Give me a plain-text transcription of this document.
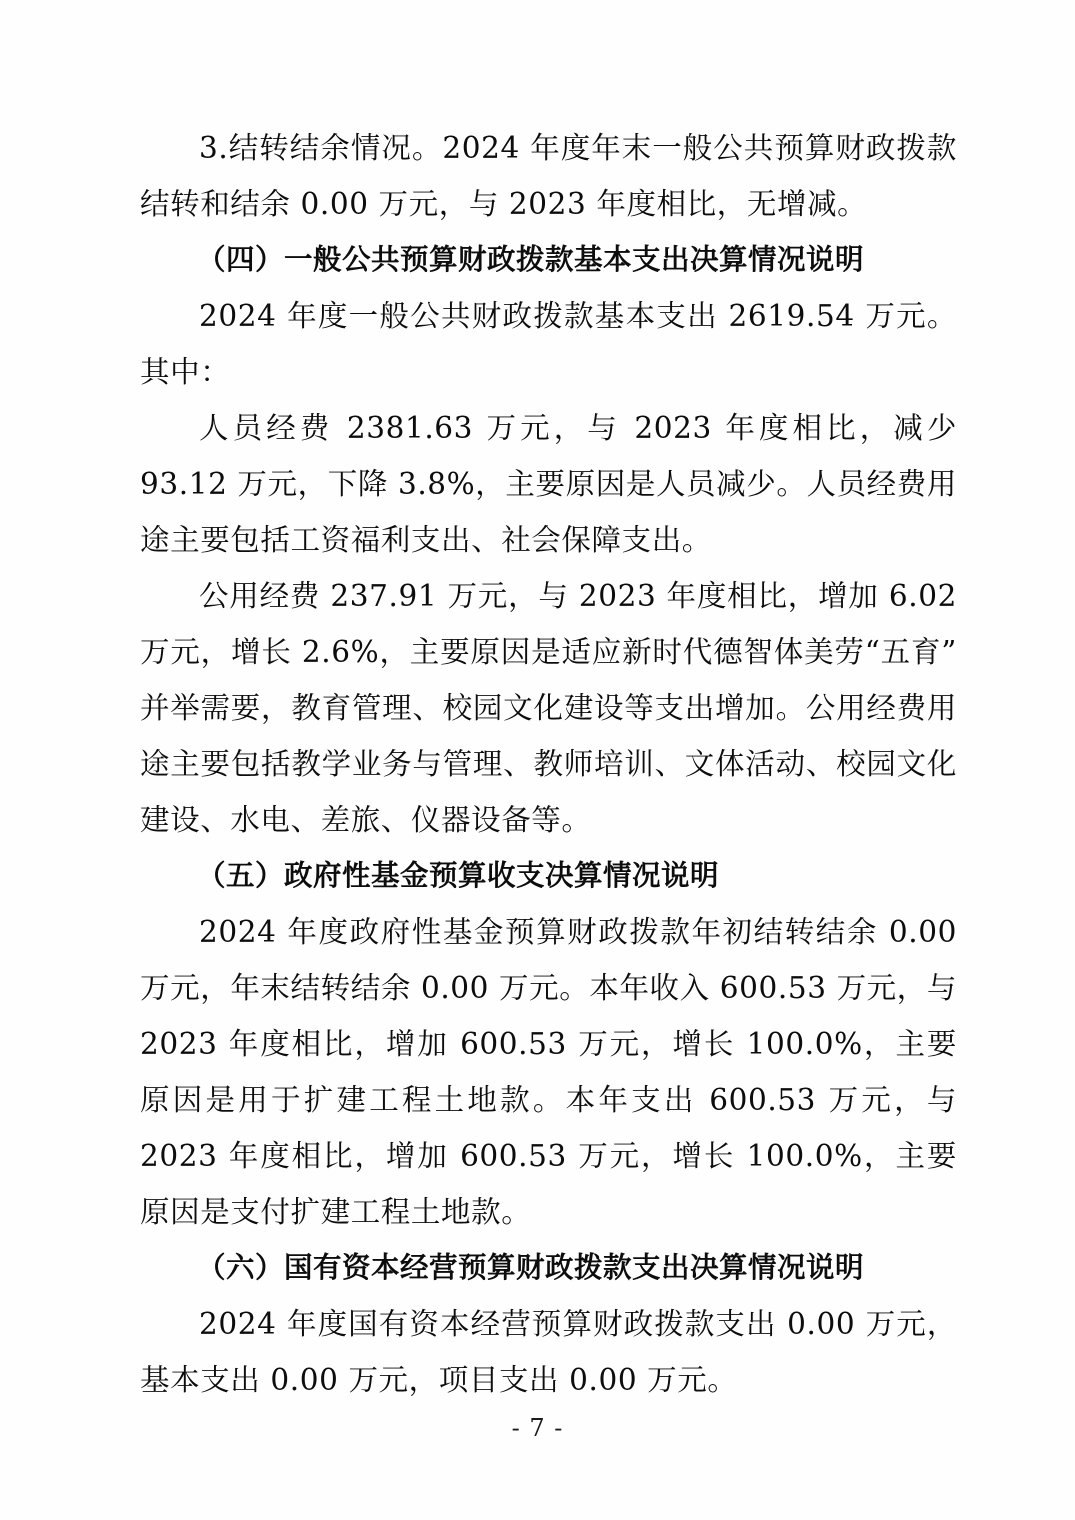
3.结转结余情况。2024 年度年末一般公共预算财政拨款结转和结余 0.00 万元，与 2023 年度相比，无增减。

（四）一般公共预算财政拨款基本支出决算情况说明

2024 年度一般公共财政拨款基本支出 2619.54 万元。其中：

人员经费 2381.63 万元，与 2023 年度相比，减少 93.12 万元，下降 3.8%，主要原因是人员减少。人员经费用途主要包括工资福利支出、社会保障支出。

公用经费 237.91 万元，与 2023 年度相比，增加 6.02 万元，增长 2.6%，主要原因是适应新时代德智体美劳“五育”并举需要，教育管理、校园文化建设等支出增加。公用经费用途主要包括教学业务与管理、教师培训、文体活动、校园文化建设、水电、差旅、仪器设备等。

（五）政府性基金预算收支决算情况说明

2024 年度政府性基金预算财政拨款年初结转结余 0.00 万元，年末结转结余 0.00 万元。本年收入 600.53 万元，与 2023 年度相比，增加 600.53 万元，增长 100.0%，主要原因是用于扩建工程土地款。本年支出 600.53 万元，与 2023 年度相比，增加 600.53 万元，增长 100.0%，主要原因是支付扩建工程土地款。

（六）国有资本经营预算财政拨款支出决算情况说明

2024 年度国有资本经营预算财政拨款支出 0.00 万元，基本支出 0.00 万元，项目支出 0.00 万元。

- 7 -
